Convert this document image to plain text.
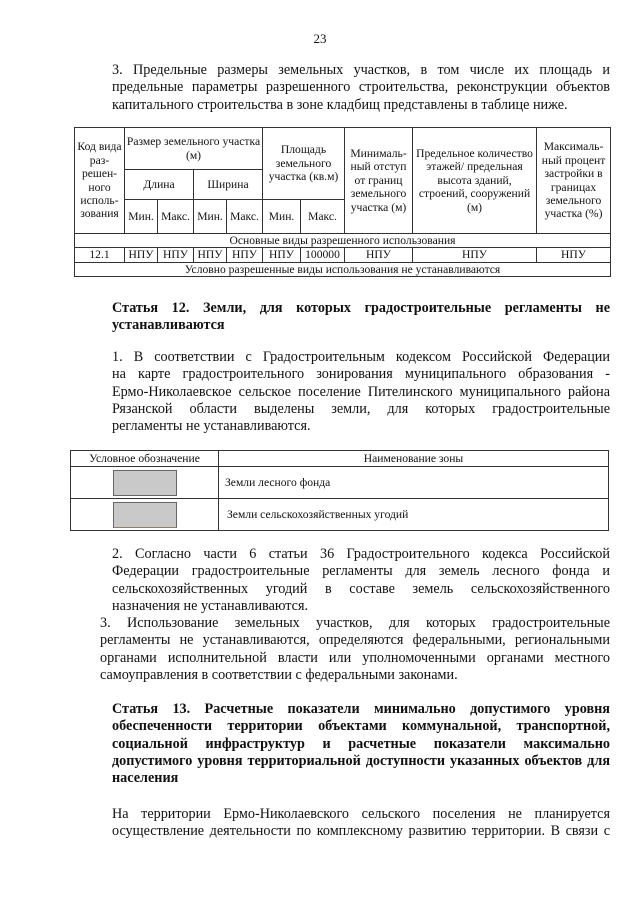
23
3. Предельные размеры земельных участков, в том числе их площадь и
предельные параметры разрешенного строительства, реконструкции объектов
капитального строительства в зоне кладбищ представлены в таблице ниже.
Код вида раз-решен-ного исполь-зования	Размер земельного участка (м)				Площадь земельного участка (кв.м)		Минималь-ный отступ от границ земельного участка (м)	Предельное количество этажей/ предельная высота зданий, строений, сооружений (м)	Максималь-ный процент застройки в границах земельного участка (%)
	Длина		Ширина						
	Мин.	Макс.	Мин.	Макс.	Мин.	Макс.			
Основные виды разрешенного использования									
12.1	НПУ	НПУ	НПУ	НПУ	НПУ	100000	НПУ	НПУ	НПУ
Условно разрешенные виды использования не устанавливаются									
Статья 12. Земли, для которых градостроительные регламенты не
устанавливаются
1. В соответствии с Градостроительным кодексом Российской Федерации
на карте градостроительного зонирования муниципального образования -
Ермо-Николаевское сельское поселение Пителинского муниципального района
Рязанской области выделены земли, для которых градостроительные
регламенты не устанавливаются.
Условное обозначение	Наименование зоны

	Земли лесного фонда

	Земли сельскохозяйственных угодий
2. Согласно части 6 статьи 36 Градостроительного кодекса Российской
Федерации градостроительные регламенты для земель лесного фонда и
сельскохозяйственных угодий в составе земель сельскохозяйственного
назначения не устанавливаются.
3. Использование земельных участков, для которых градостроительные
регламенты не устанавливаются, определяются федеральными, региональными
органами исполнительной власти или уполномоченными органами местного
самоуправления в соответствии с федеральными законами.
Статья 13. Расчетные показатели минимально допустимого уровня
обеспеченности территории объектами коммунальной, транспортной,
социальной инфраструктур и расчетные показатели максимально
допустимого уровня территориальной доступности указанных объектов для
населения
На территории Ермо-Николаевского сельского поселения не планируется
осуществление деятельности по комплексному развитию территории. В связи с
